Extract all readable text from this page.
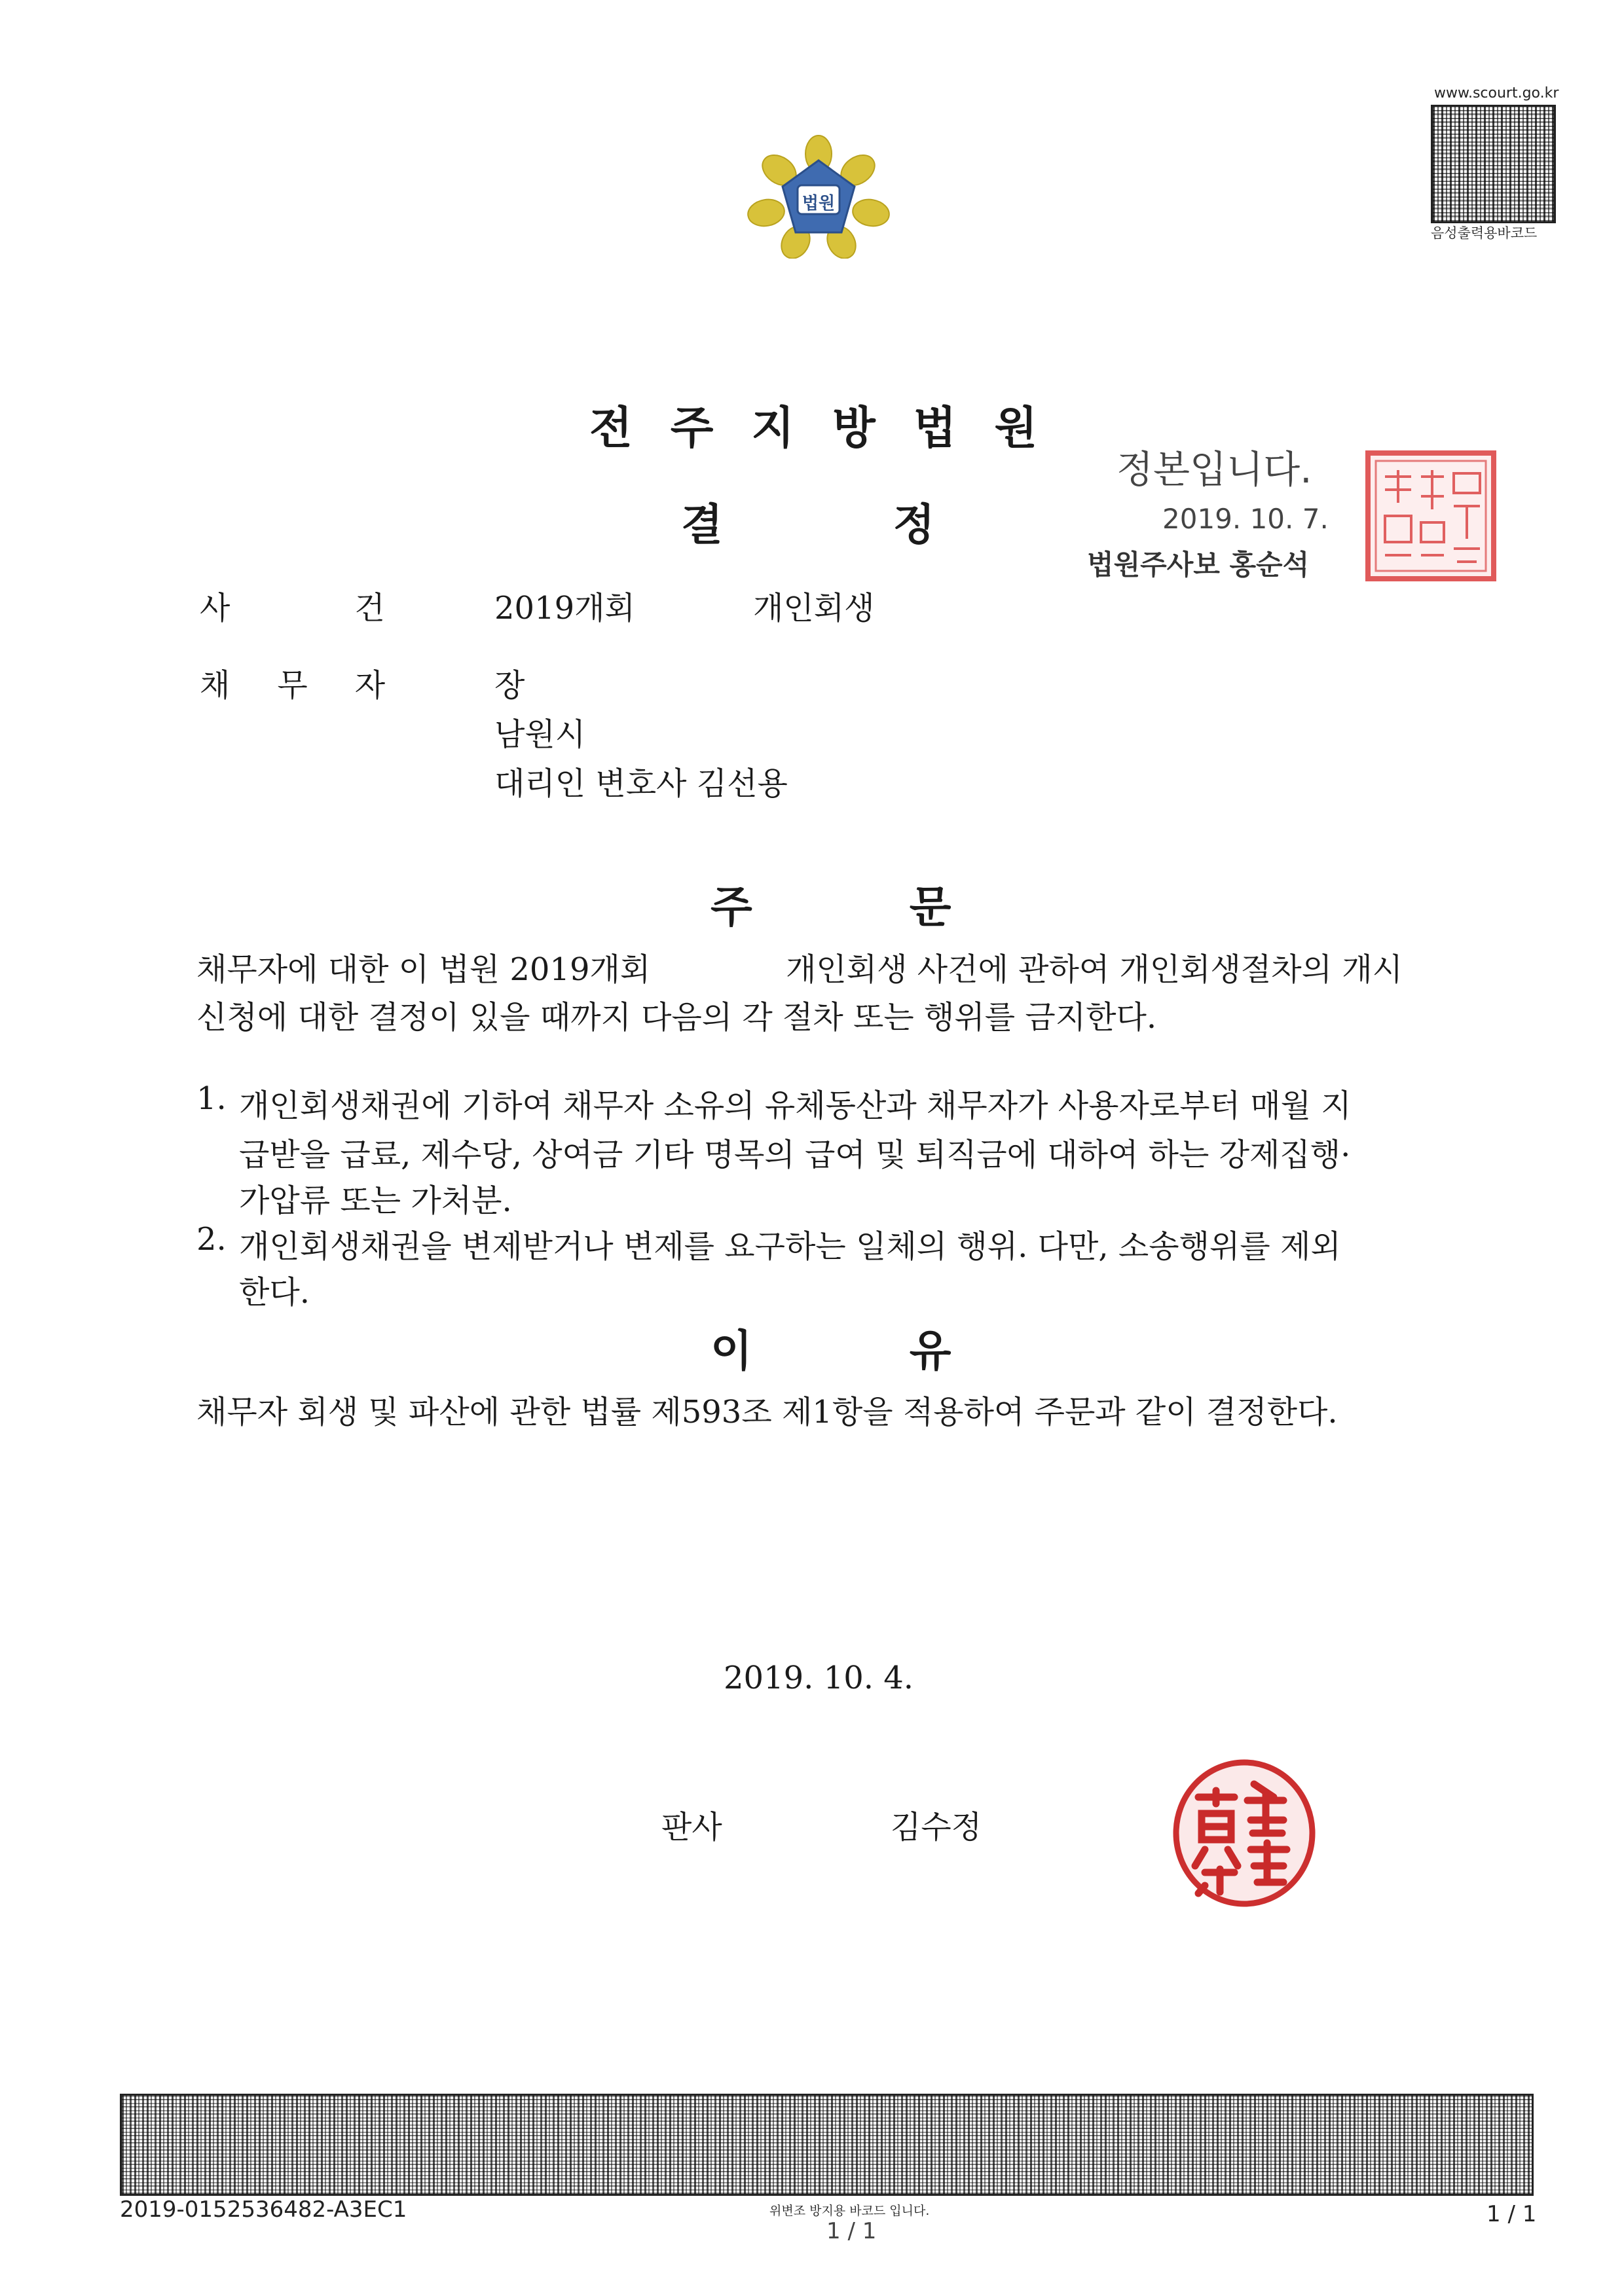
법원
www.scourt.go.kr
음성출력용바코드
전주지방법원
결정
정본입니다.
2019. 10. 7.
법원주사보 홍순석
사건
2019개회	개인회생
채무자 장
남원시
대리인 변호사 김선용
주문
채무자에 대한 이 법원 2019개회	개인회생 사건에 관하여 개인회생절차의 개시
신청에 대한 결정이 있을 때까지 다음의 각 절차 또는 행위를 금지한다.
1. 개인회생채권에 기하여 채무자 소유의 유체동산과 채무자가 사용자로부터 매월 지
급받을 급료, 제수당, 상여금 기타 명목의 급여 및 퇴직금에 대하여 하는 강제집행·
가압류 또는 가처분.
2. 개인회생채권을 변제받거나 변제를 요구하는 일체의 행위. 다만, 소송행위를 제외
한다.
이유
채무자 회생 및 파산에 관한 법률 제593조 제1항을 적용하여 주문과 같이 결정한다.
2019. 10. 4.
판사	김수정
2019-0152536482-A3EC1	위변조 방지용 바코드 입니다.
1 / 1
1 / 1
